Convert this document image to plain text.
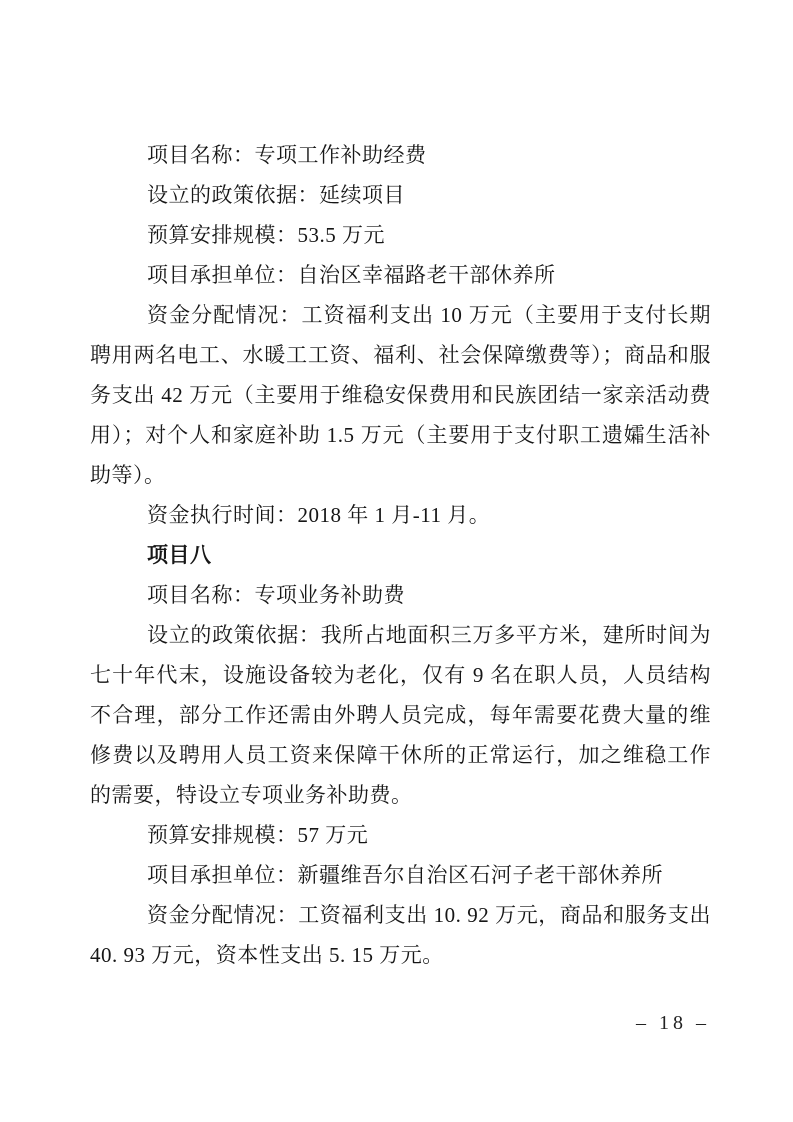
项目名称：专项工作补助经费

设立的政策依据：延续项目

预算安排规模：53.5 万元

项目承担单位：自治区幸福路老干部休养所

资金分配情况：工资福利支出 10 万元（主要用于支付长期聘用两名电工、水暖工工资、福利、社会保障缴费等）；商品和服务支出 42 万元（主要用于维稳安保费用和民族团结一家亲活动费用）；对个人和家庭补助 1.5 万元（主要用于支付职工遗孀生活补助等）。

资金执行时间：2018 年 1 月-11 月。

项目八

项目名称：专项业务补助费

设立的政策依据：我所占地面积三万多平方米，建所时间为七十年代末，设施设备较为老化，仅有 9 名在职人员，人员结构不合理，部分工作还需由外聘人员完成，每年需要花费大量的维修费以及聘用人员工资来保障干休所的正常运行，加之维稳工作的需要，特设立专项业务补助费。

预算安排规模：57 万元

项目承担单位：新疆维吾尔自治区石河子老干部休养所

资金分配情况：工资福利支出 10. 92 万元，商品和服务支出 40. 93 万元，资本性支出 5. 15 万元。

– 18 –
